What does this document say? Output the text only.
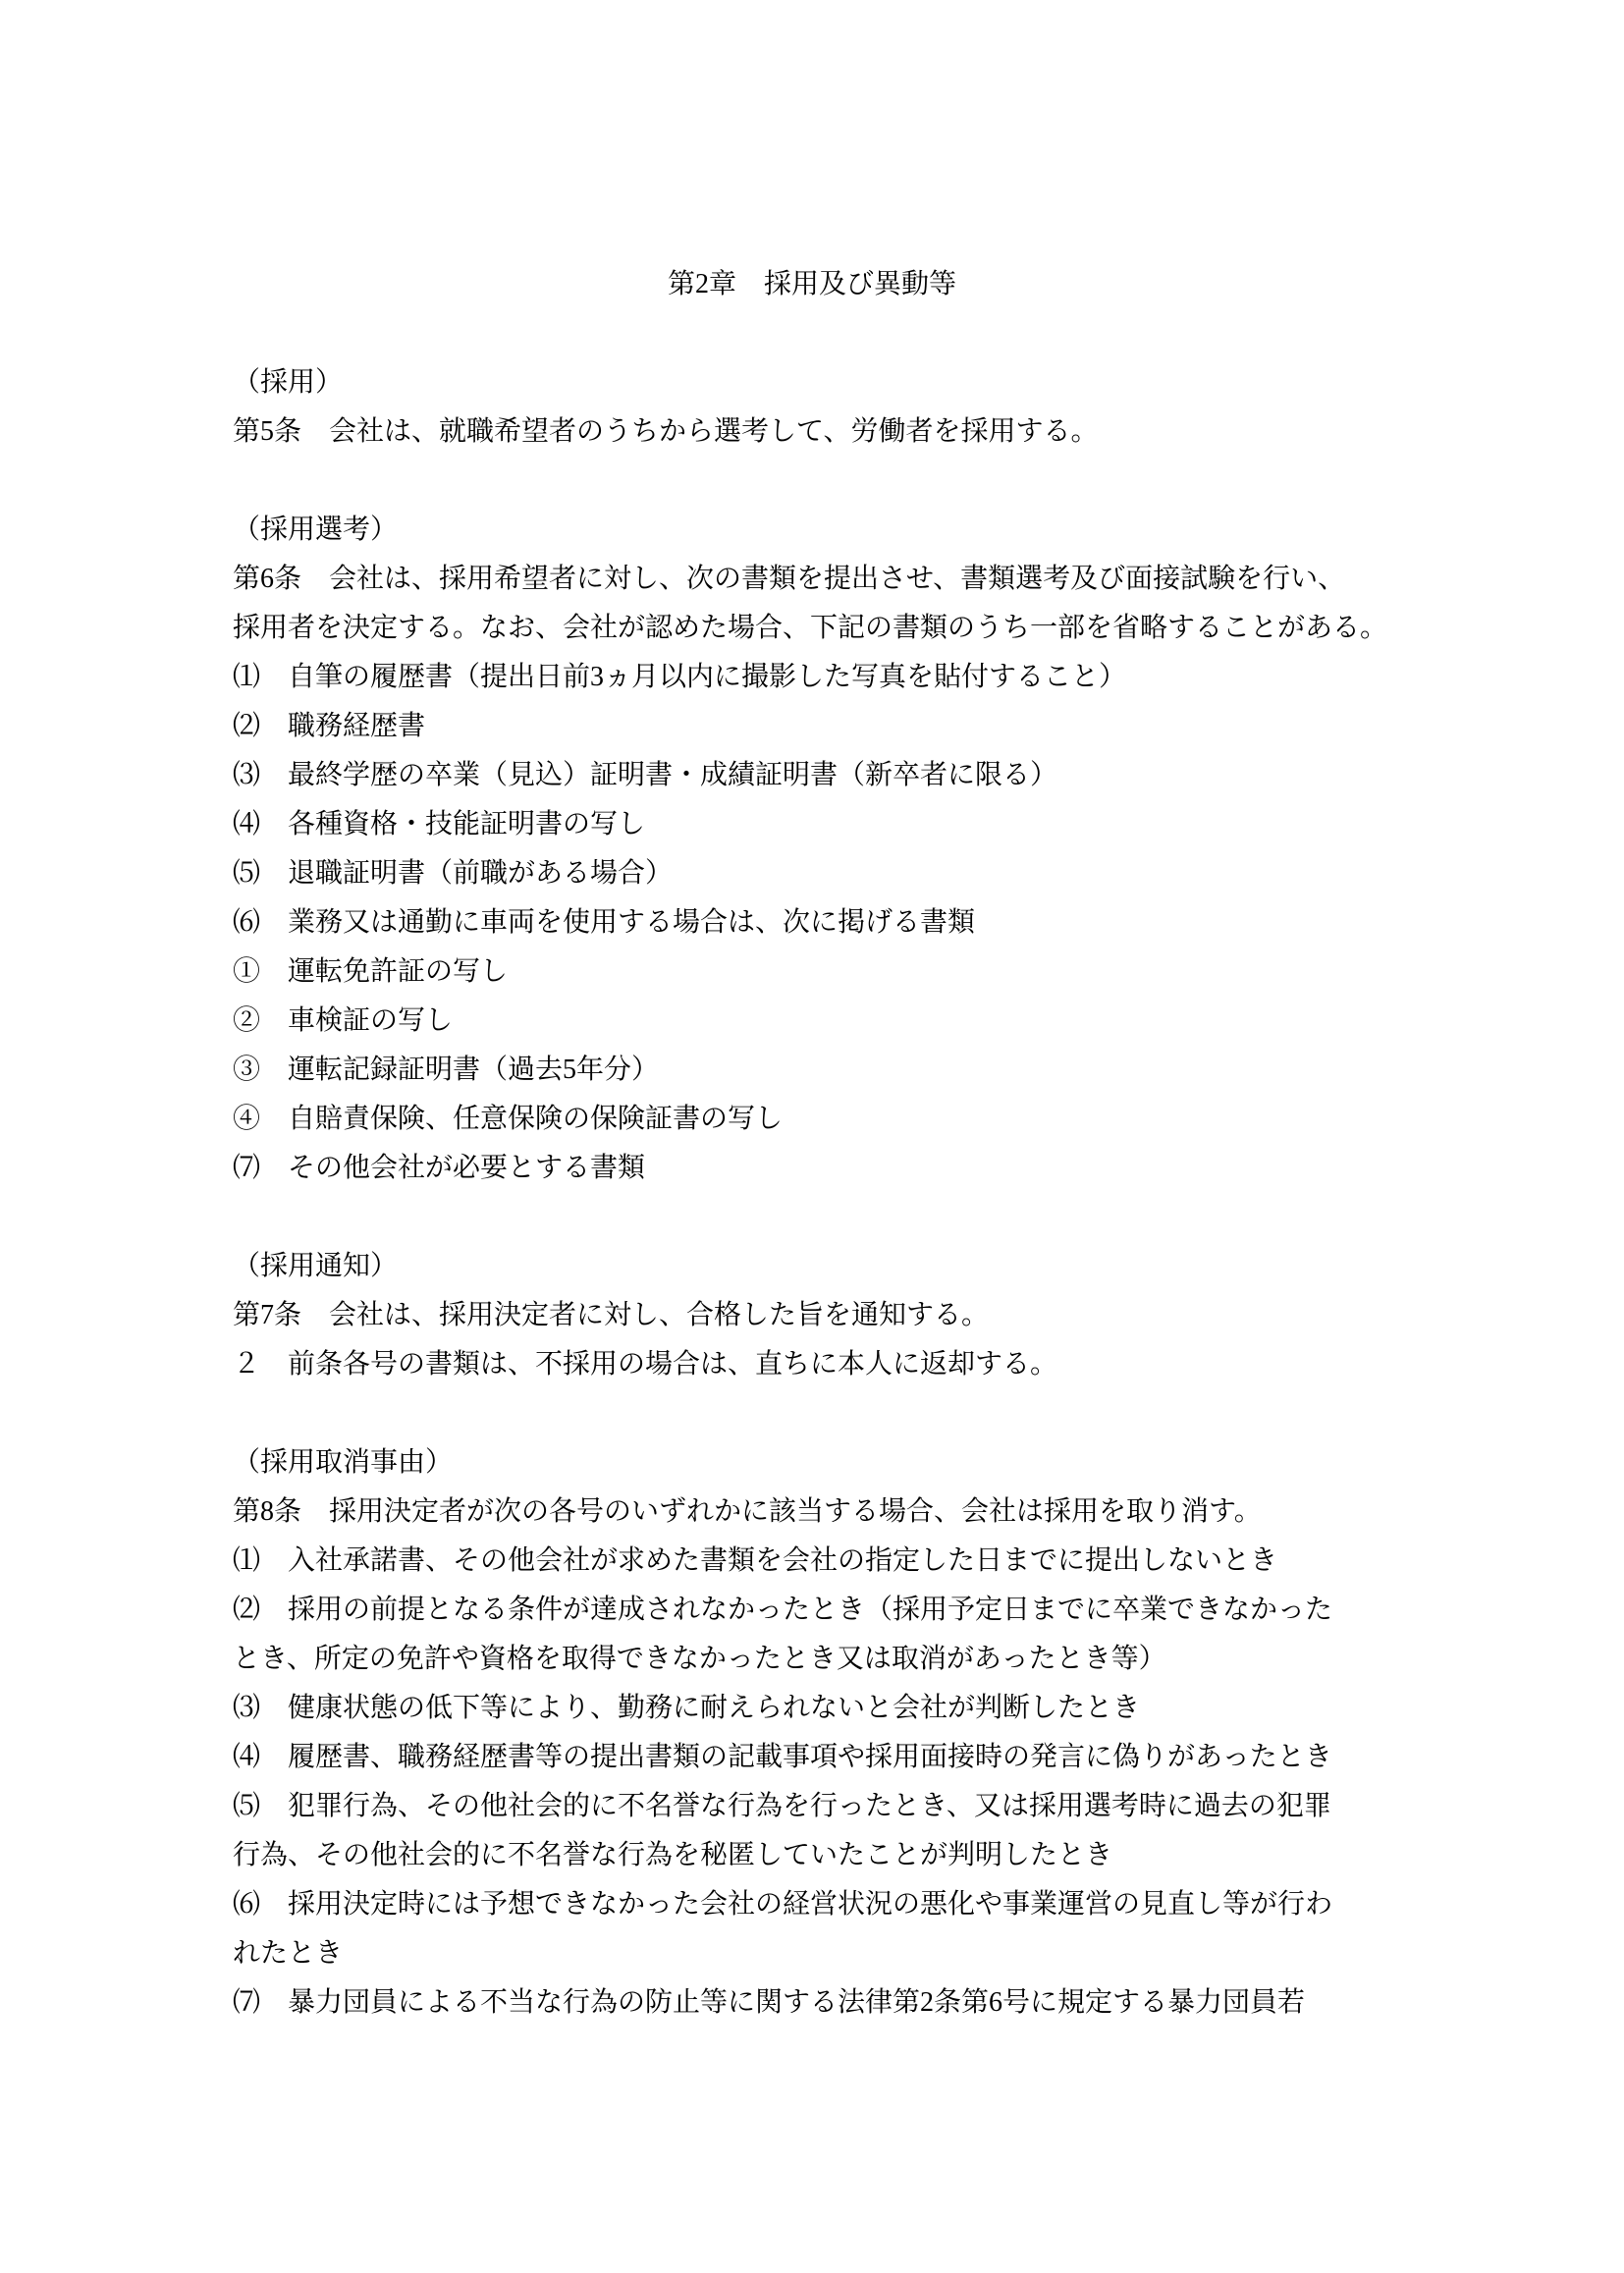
第2章　採用及び異動等
（採用）
第5条　会社は、就職希望者のうちから選考して、労働者を採用する。
（採用選考）
第6条　会社は、採用希望者に対し、次の書類を提出させ、書類選考及び面接試験を行い、
採用者を決定する。なお、会社が認めた場合、下記の書類のうち一部を省略することがある。
⑴　自筆の履歴書（提出日前3ヵ月以内に撮影した写真を貼付すること）
⑵　職務経歴書
⑶　最終学歴の卒業（見込）証明書・成績証明書（新卒者に限る）
⑷　各種資格・技能証明書の写し
⑸　退職証明書（前職がある場合）
⑹　業務又は通勤に車両を使用する場合は、次に掲げる書類
①　運転免許証の写し
②　車検証の写し
③　運転記録証明書（過去5年分）
④　自賠責保険、任意保険の保険証書の写し
⑺　その他会社が必要とする書類
（採用通知）
第7条　会社は、採用決定者に対し、合格した旨を通知する。
２　前条各号の書類は、不採用の場合は、直ちに本人に返却する。
（採用取消事由）
第8条　採用決定者が次の各号のいずれかに該当する場合、会社は採用を取り消す。
⑴　入社承諾書、その他会社が求めた書類を会社の指定した日までに提出しないとき
⑵　採用の前提となる条件が達成されなかったとき（採用予定日までに卒業できなかった
とき、所定の免許や資格を取得できなかったとき又は取消があったとき等）
⑶　健康状態の低下等により、勤務に耐えられないと会社が判断したとき
⑷　履歴書、職務経歴書等の提出書類の記載事項や採用面接時の発言に偽りがあったとき
⑸　犯罪行為、その他社会的に不名誉な行為を行ったとき、又は採用選考時に過去の犯罪
行為、その他社会的に不名誉な行為を秘匿していたことが判明したとき
⑹　採用決定時には予想できなかった会社の経営状況の悪化や事業運営の見直し等が行わ
れたとき
⑺　暴力団員による不当な行為の防止等に関する法律第2条第6号に規定する暴力団員若
